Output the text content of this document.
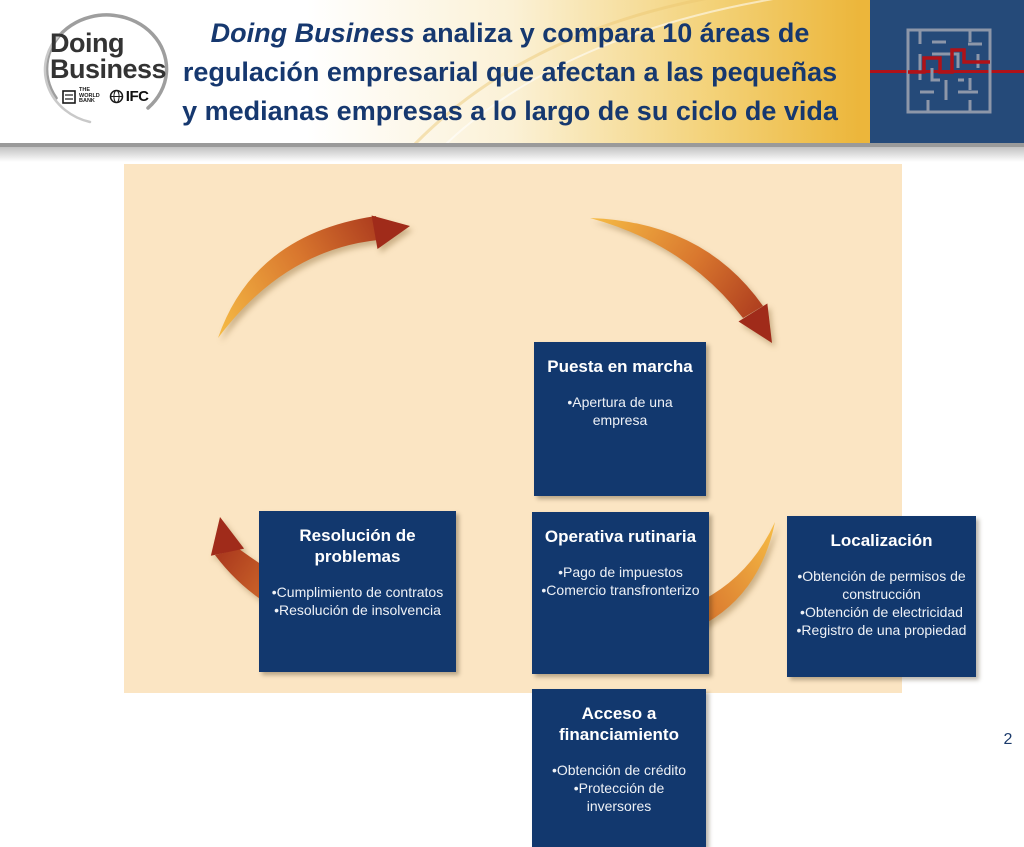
Doing
Business
THE
WORLD
BANK	IFC
Doing Business analiza y compara 10 áreas de
regulación empresarial que afectan a las pequeñas
y medianas empresas a lo largo de su ciclo de vida
Puesta en marcha
•Apertura de una empresa
Operativa rutinaria
•Pago de impuestos
•Comercio transfronterizo
Localización
•Obtención de permisos de construcción
•Obtención de electricidad
•Registro de una propiedad
Acceso a financiamiento
•Obtención de crédito
•Protección de inversores
Resolución de problemas
•Cumplimiento de contratos
•Resolución de insolvencia
2
